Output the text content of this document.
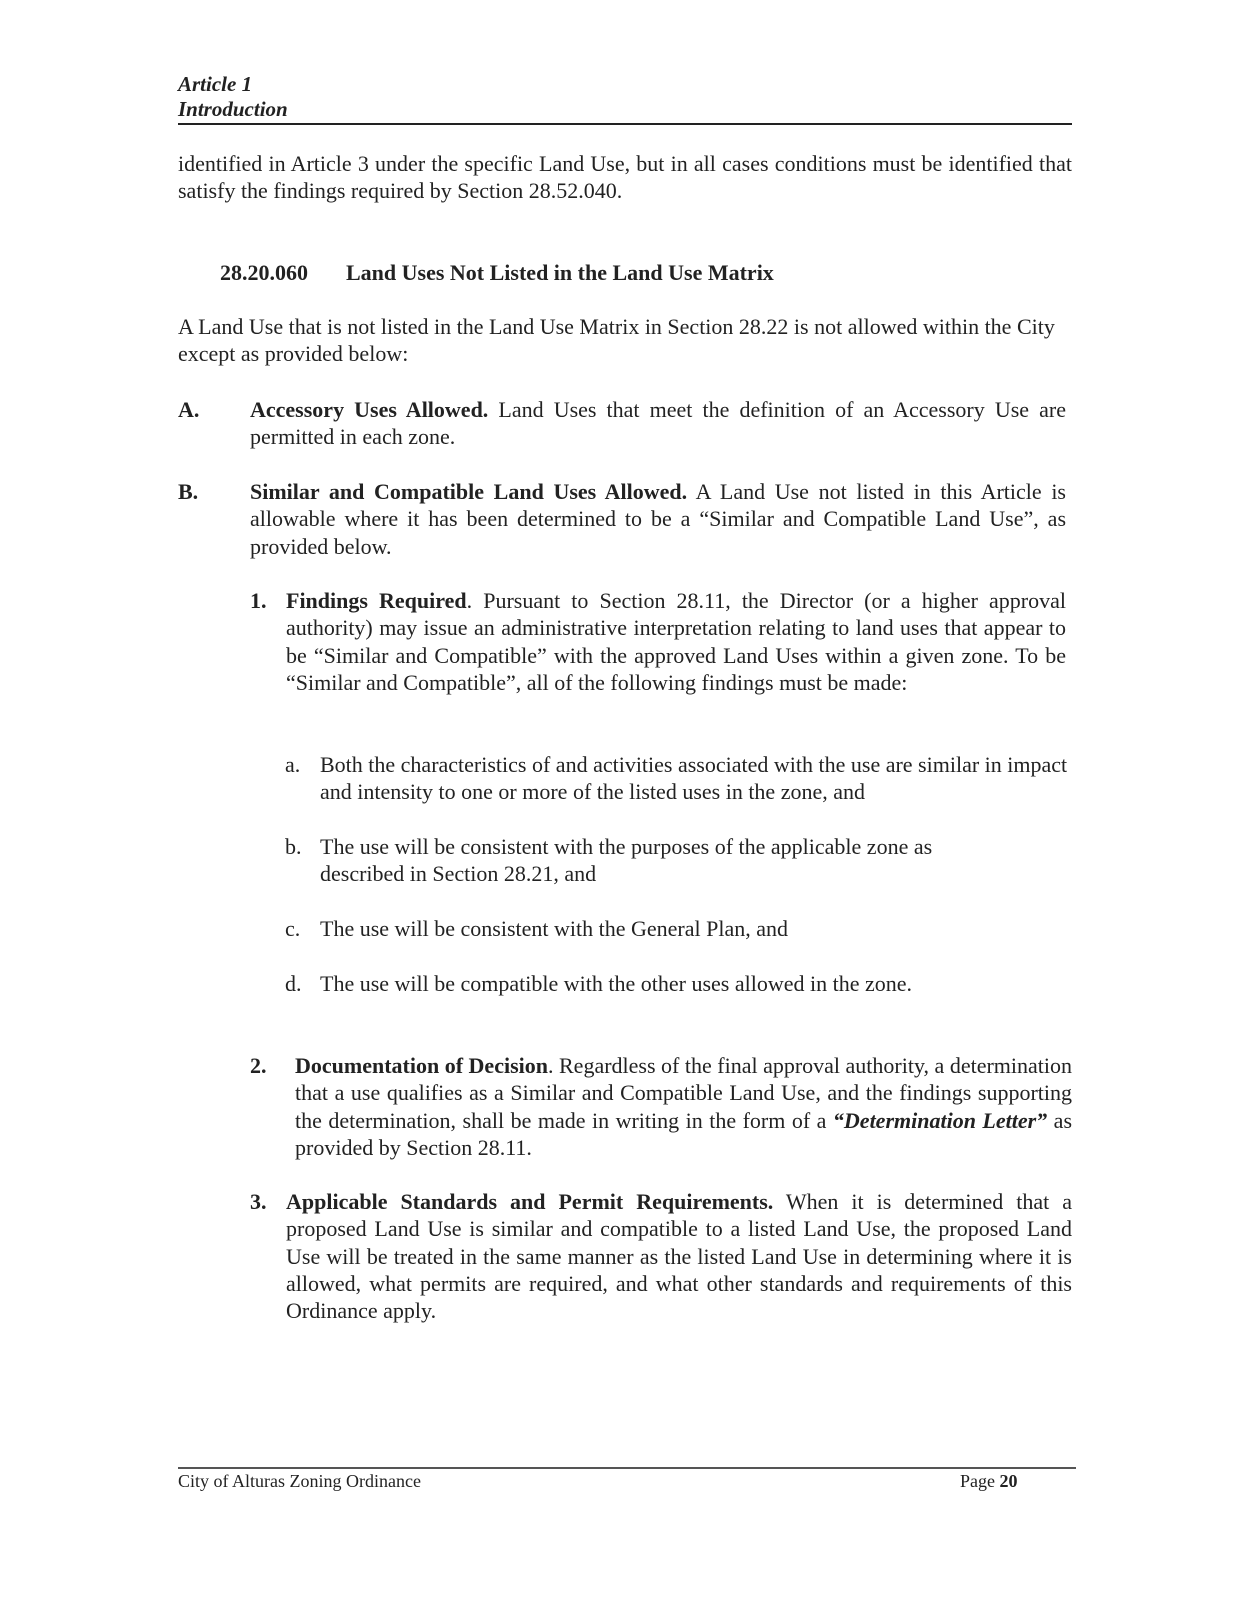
Article 1
Introduction
identified in Article 3 under the specific Land Use, but in all cases conditions must be identified that satisfy the findings required by Section 28.52.040.
28.20.060 Land Uses Not Listed in the Land Use Matrix
A Land Use that is not listed in the Land Use Matrix in Section 28.22 is not allowed within the City except as provided below:
A. Accessory Uses Allowed. Land Uses that meet the definition of an Accessory Use are permitted in each zone.
B. Similar and Compatible Land Uses Allowed. A Land Use not listed in this Article is allowable where it has been determined to be a “Similar and Compatible Land Use”, as provided below.
1. Findings Required. Pursuant to Section 28.11, the Director (or a higher approval authority) may issue an administrative interpretation relating to land uses that appear to be “Similar and Compatible” with the approved Land Uses within a given zone. To be “Similar and Compatible”, all of the following findings must be made:
a. Both the characteristics of and activities associated with the use are similar in impact and intensity to one or more of the listed uses in the zone, and
b. The use will be consistent with the purposes of the applicable zone as described in Section 28.21, and
c. The use will be consistent with the General Plan, and
d. The use will be compatible with the other uses allowed in the zone.
2. Documentation of Decision. Regardless of the final approval authority, a determination that a use qualifies as a Similar and Compatible Land Use, and the findings supporting the determination, shall be made in writing in the form of a “Determination Letter” as provided by Section 28.11.
3. Applicable Standards and Permit Requirements. When it is determined that a proposed Land Use is similar and compatible to a listed Land Use, the proposed Land Use will be treated in the same manner as the listed Land Use in determining where it is allowed, what permits are required, and what other standards and requirements of this Ordinance apply.
City of Alturas Zoning Ordinance	Page 20
